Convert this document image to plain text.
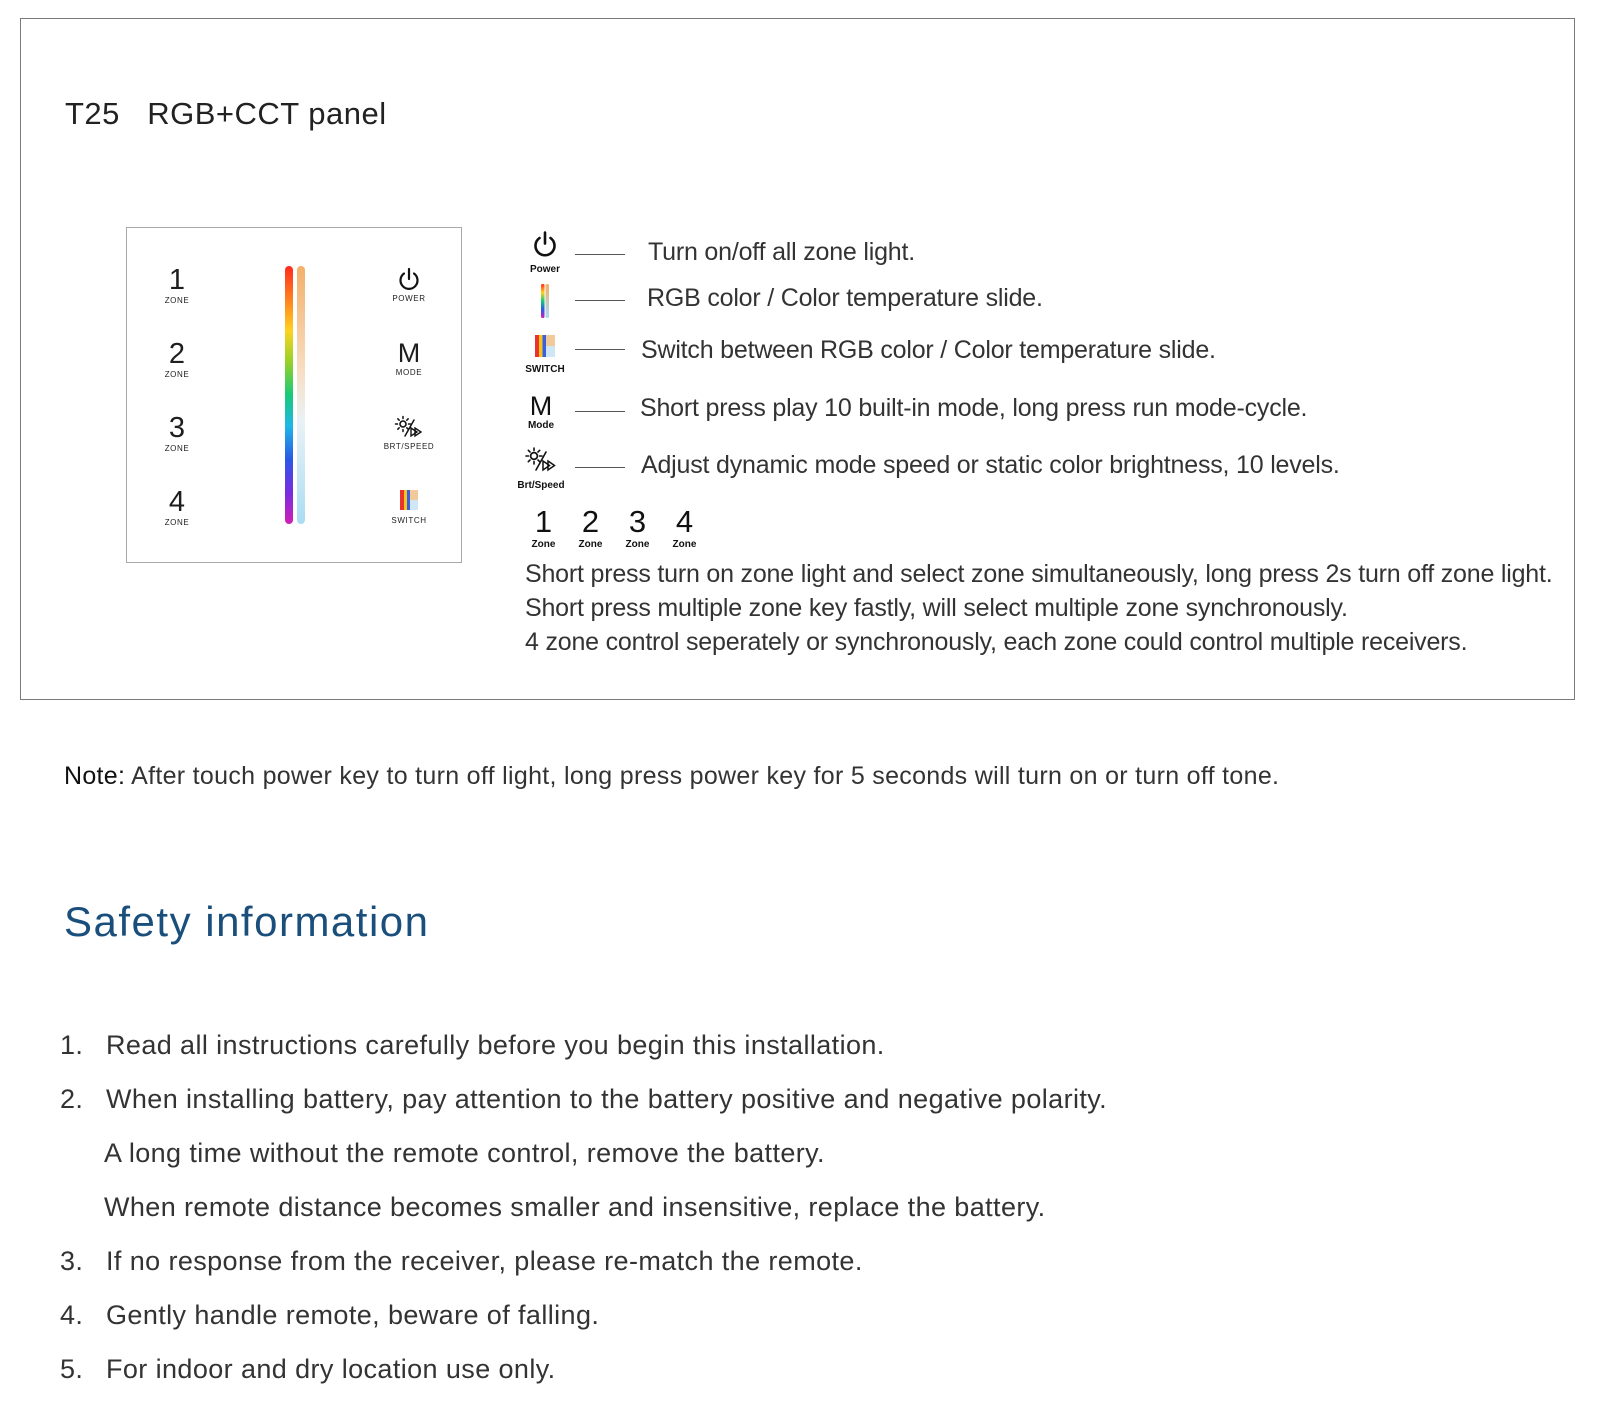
T25   RGB+CCT panel
1
ZONE
2
ZONE
3
ZONE
4
ZONE
POWER
M
MODE
BRT/SPEED
SWITCH
Power
Turn on/off all zone light.
RGB color / Color temperature slide.
SWITCH
Switch between RGB color / Color temperature slide.
M
Mode
Short press play 10 built-in mode, long press run mode-cycle.
Brt/Speed
Adjust dynamic mode speed or static color brightness, 10 levels.
1
Zone
2
Zone
3
Zone
4
Zone
Short press turn on zone light and select zone simultaneously, long press 2s turn off zone light.
Short press multiple zone key fastly, will select multiple zone synchronously.
4 zone control seperately or synchronously, each zone could control multiple receivers.
Note: After touch power key to turn off light, long press power key for 5 seconds will turn on or turn off tone.
Safety information
1. Read all instructions carefully before you begin this installation.
2. When installing battery, pay attention to the battery positive and negative polarity.
A long time without the remote control, remove the battery.
When remote distance becomes smaller and insensitive, replace the battery.
3. If no response from the receiver, please re-match the remote.
4. Gently handle remote, beware of falling.
5. For indoor and dry location use only.
